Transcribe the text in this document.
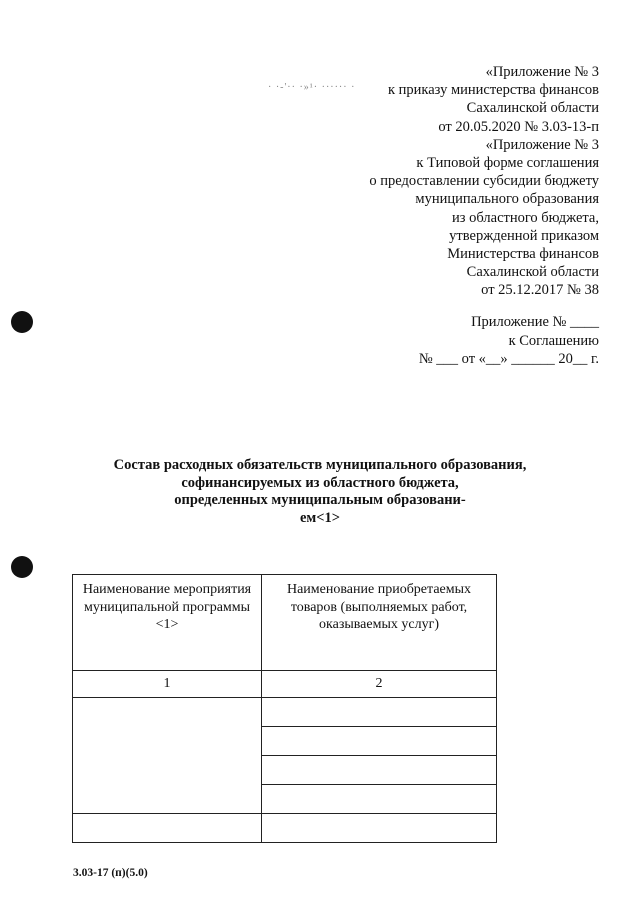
· ·-'·· ·»¹· ······ ·
«Приложение № 3
к приказу министерства финансов
Сахалинской области
от 20.05.2020 № 3.03-13-п
«Приложение № 3
к Типовой форме соглашения
о предоставлении субсидии бюджету
муниципального образования
из областного бюджета,
утвержденной приказом
Министерства финансов
Сахалинской области
от 25.12.2017 № 38
Приложение № ____
к Соглашению
№ ___ от «__» ______ 20__ г.
Состав расходных обязательств муниципального образования,
софинансируемых из областного бюджета,
определенных муниципальным образовани-
ем<1>
Наименование мероприятия муниципальной программы <1>	Наименование приобретаемых товаров (выполняемых работ, оказываемых услуг)

1	2

3.03-17 (п)(5.0)
